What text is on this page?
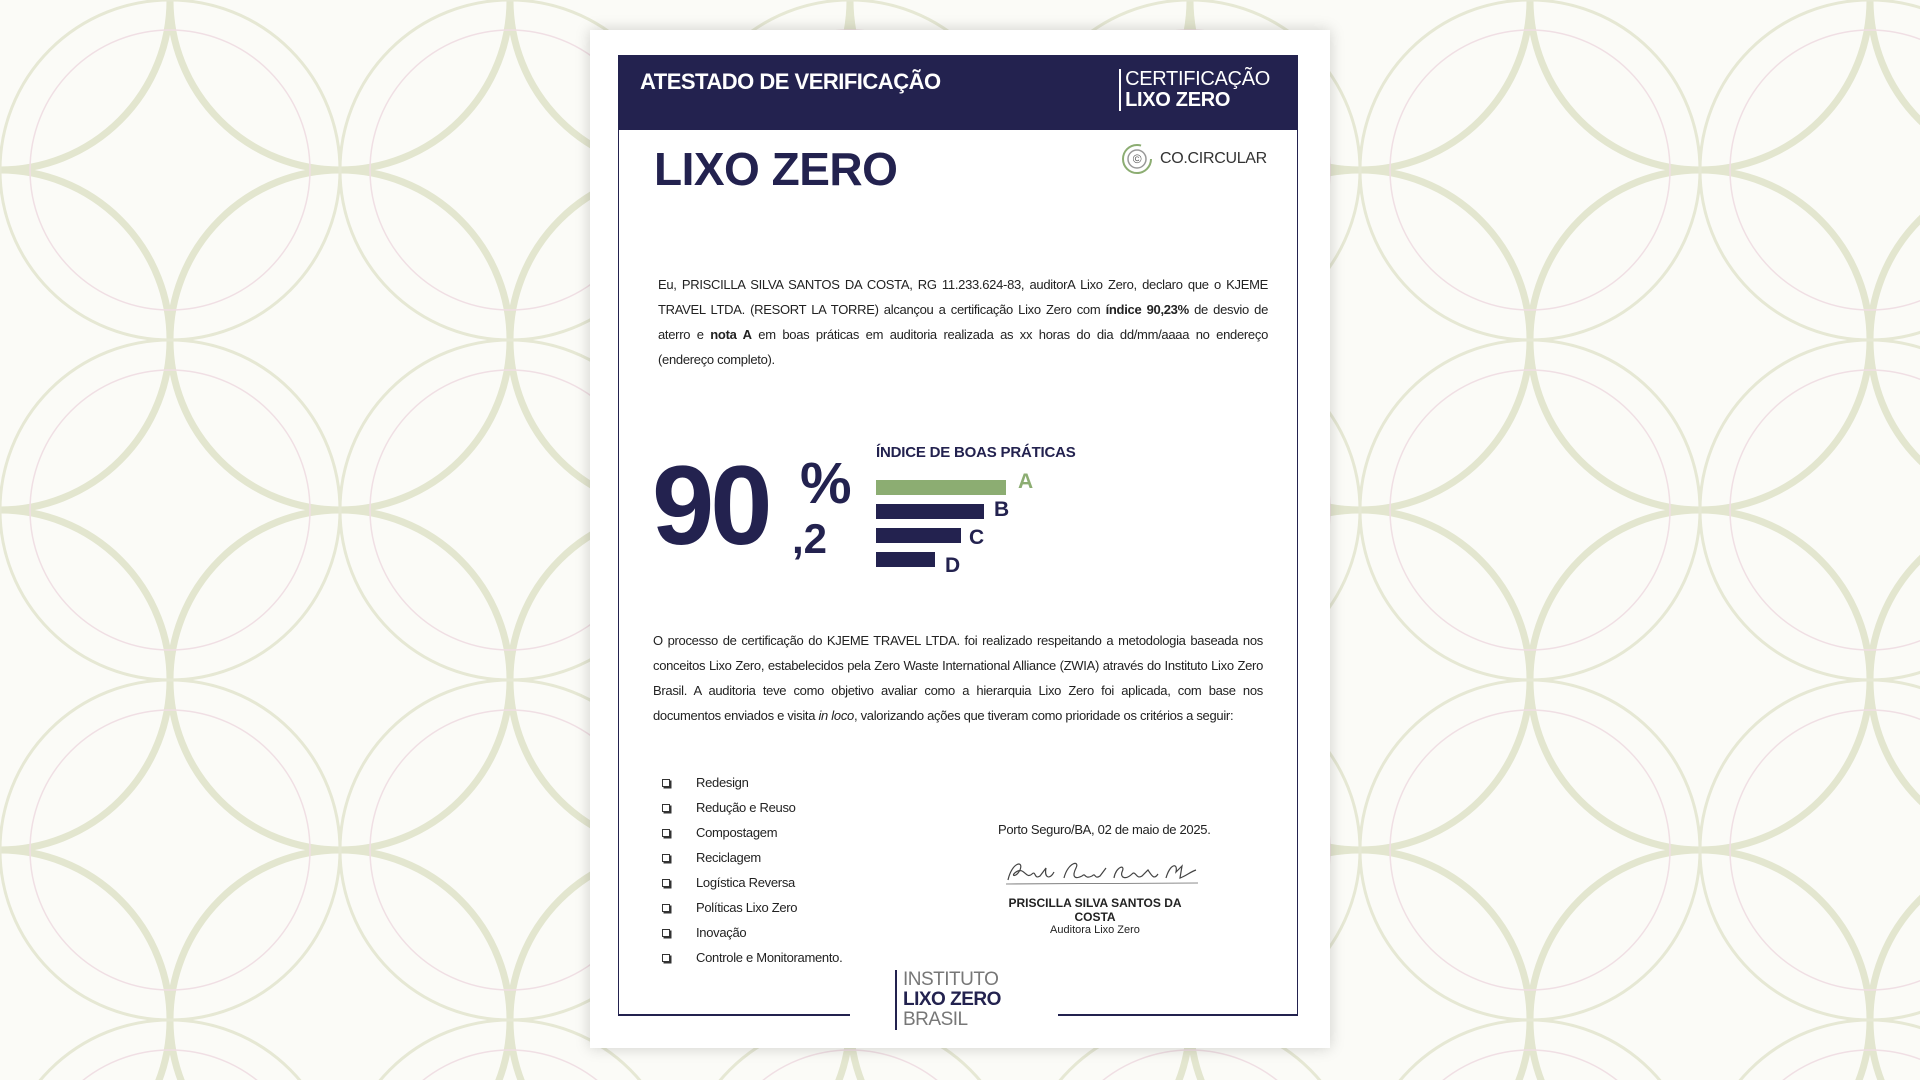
ATESTADO DE VERIFICAÇÃO	CERTIFICAÇÃO
LIXO ZERO
LIXO ZERO	© CO.CIRCULAR
Eu, PRISCILLA SILVA SANTOS DA COSTA, RG 11.233.624-83, auditorA Lixo Zero, declaro que o KJEME TRAVEL LTDA. (RESORT LA TORRE) alcançou a certificação Lixo Zero com índice 90,23% de desvio de aterro e nota A em boas práticas em auditoria realizada as xx horas do dia dd/mm/aaaa no endereço (endereço completo).
90 %
,2
ÍNDICE DE BOAS PRÁTICAS
A
B
C
D
O processo de certificação do KJEME TRAVEL LTDA. foi realizado respeitando a metodologia baseada nos conceitos Lixo Zero, estabelecidos pela Zero Waste International Alliance (ZWIA) através do Instituto Lixo Zero Brasil. A auditoria teve como objetivo avaliar como a hierarquia Lixo Zero foi aplicada, com base nos documentos enviados e visita in loco, valorizando ações que tiveram como prioridade os critérios a seguir:
Redesign
Redução e Reuso
Compostagem
Reciclagem
Logística Reversa
Políticas Lixo Zero
Inovação
Controle e Monitoramento.
Porto Seguro/BA, 02 de maio de 2025.
PRISCILLA SILVA SANTOS DA
COSTA
Auditora Lixo Zero
INSTITUTO
LIXO ZERO
BRASIL
